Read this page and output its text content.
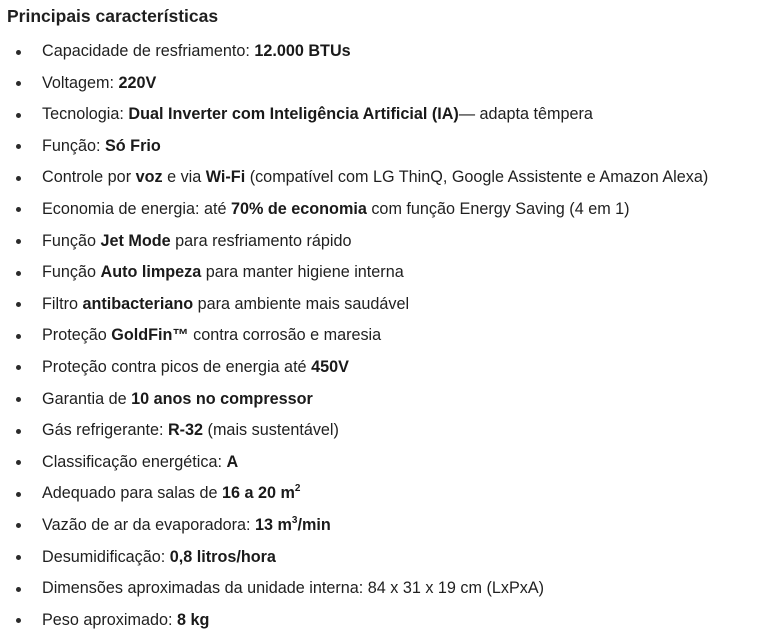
Principais características
Capacidade de resfriamento: 12.000 BTUs
Voltagem: 220V
Tecnologia: Dual Inverter com Inteligência Artificial (IA)— adapta têmpera
Função: Só Frio
Controle por voz e via Wi-Fi (compatível com LG ThinQ, Google Assistente e Amazon Alexa)
Economia de energia: até 70% de economia com função Energy Saving (4 em 1)
Função Jet Mode para resfriamento rápido
Função Auto limpeza para manter higiene interna
Filtro antibacteriano para ambiente mais saudável
Proteção GoldFin™ contra corrosão e maresia
Proteção contra picos de energia até 450V
Garantia de 10 anos no compressor
Gás refrigerante: R-32 (mais sustentável)
Classificação energética: A
Adequado para salas de 16 a 20 $m^2$
Vazão de ar da evaporadora: 13 $m^3/\min$
Desumidificação: 0,8 litros/hora
Dimensões aproximadas da unidade interna: 84 x 31 x 19 cm (LxPxA)
Peso aproximado: 8 kg
